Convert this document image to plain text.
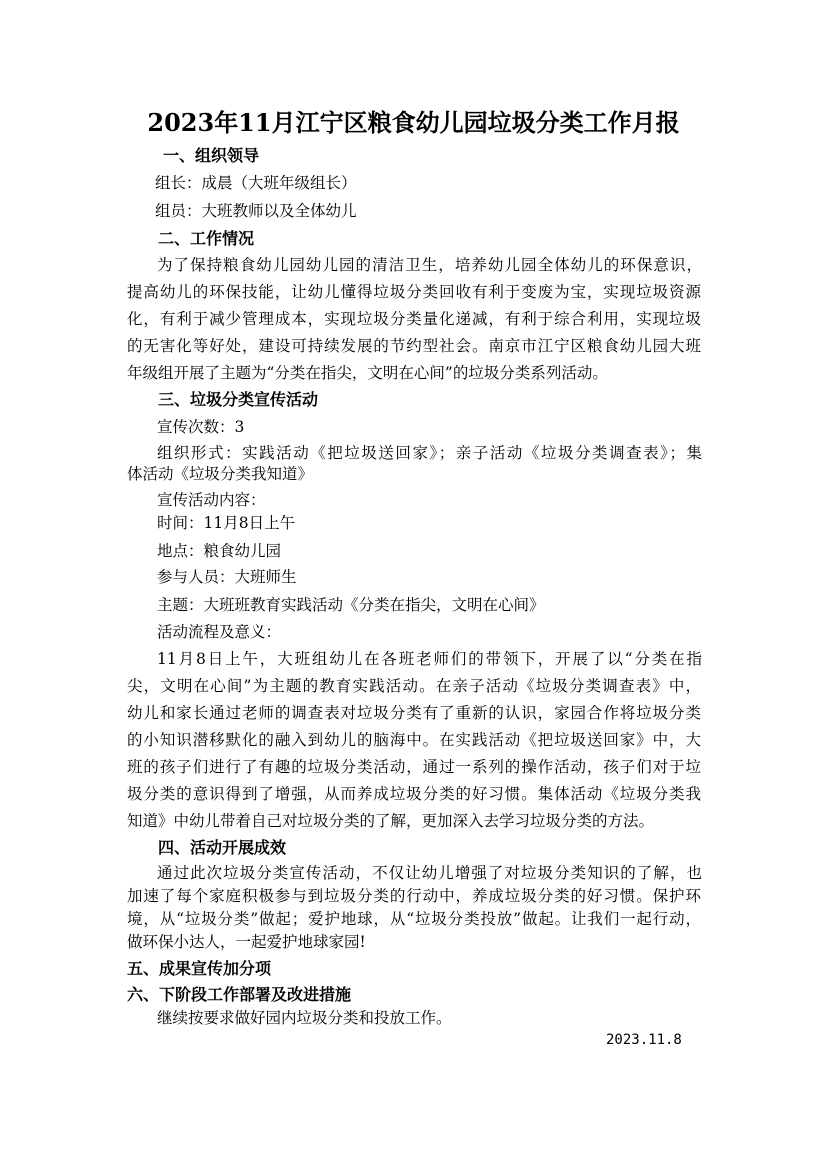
2023年11月江宁区粮食幼儿园垃圾分类工作月报
一、组织领导
组长：成晨（大班年级组长）
组员：大班教师以及全体幼儿
二、工作情况
为了保持粮食幼儿园幼儿园的清洁卫生，培养幼儿园全体幼儿的环保意识，
提高幼儿的环保技能，让幼儿懂得垃圾分类回收有利于变废为宝，实现垃圾资源
化，有利于减少管理成本，实现垃圾分类量化递减，有利于综合利用，实现垃圾
的无害化等好处，建设可持续发展的节约型社会。南京市江宁区粮食幼儿园大班
年级组开展了主题为“分类在指尖，文明在心间”的垃圾分类系列活动。
三、垃圾分类宣传活动
宣传次数：3
组织形式：实践活动《把垃圾送回家》；亲子活动《垃圾分类调查表》；集
体活动《垃圾分类我知道》
宣传活动内容：
时间：11月8日上午
地点：粮食幼儿园
参与人员：大班师生
主题：大班班教育实践活动《分类在指尖，文明在心间》
活动流程及意义：
11月8日上午，大班组幼儿在各班老师们的带领下，开展了以“分类在指
尖，文明在心间”为主题的教育实践活动。在亲子活动《垃圾分类调查表》中，
幼儿和家长通过老师的调查表对垃圾分类有了重新的认识，家园合作将垃圾分类
的小知识潜移默化的融入到幼儿的脑海中。在实践活动《把垃圾送回家》中，大
班的孩子们进行了有趣的垃圾分类活动，通过一系列的操作活动，孩子们对于垃
圾分类的意识得到了增强，从而养成垃圾分类的好习惯。集体活动《垃圾分类我
知道》中幼儿带着自己对垃圾分类的了解，更加深入去学习垃圾分类的方法。
四、活动开展成效
通过此次垃圾分类宣传活动，不仅让幼儿增强了对垃圾分类知识的了解，也
加速了每个家庭积极参与到垃圾分类的行动中，养成垃圾分类的好习惯。保护环
境，从“垃圾分类”做起；爱护地球，从“垃圾分类投放”做起。让我们一起行动，
做环保小达人，一起爱护地球家园!
五、成果宣传加分项
六、下阶段工作部署及改进措施
继续按要求做好园内垃圾分类和投放工作。
2023.11.8
